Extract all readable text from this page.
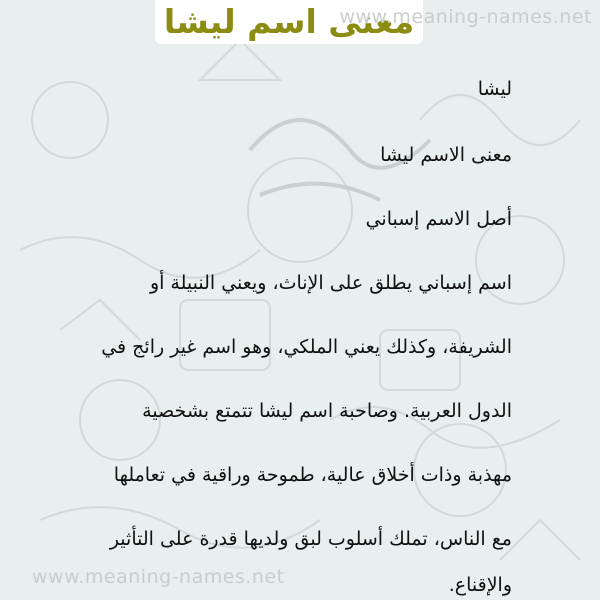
معنى اسم ليشا
www.meaning-names.net
ليشا
معنى الاسم ليشا
أصل الاسم إسباني
اسم إسباني يطلق على الإناث، ويعني النبيلة أو
الشريفة، وكذلك يعني الملكي، وهو اسم غير رائج في
الدول العربية. وصاحبة اسم ليشا تتمتع بشخصية
مهذبة وذات أخلاق عالية، طموحة وراقية في تعاملها
مع الناس، تملك أسلوب لبق ولديها قدرة على التأثير
والإقناع.
www.meaning-names.net
